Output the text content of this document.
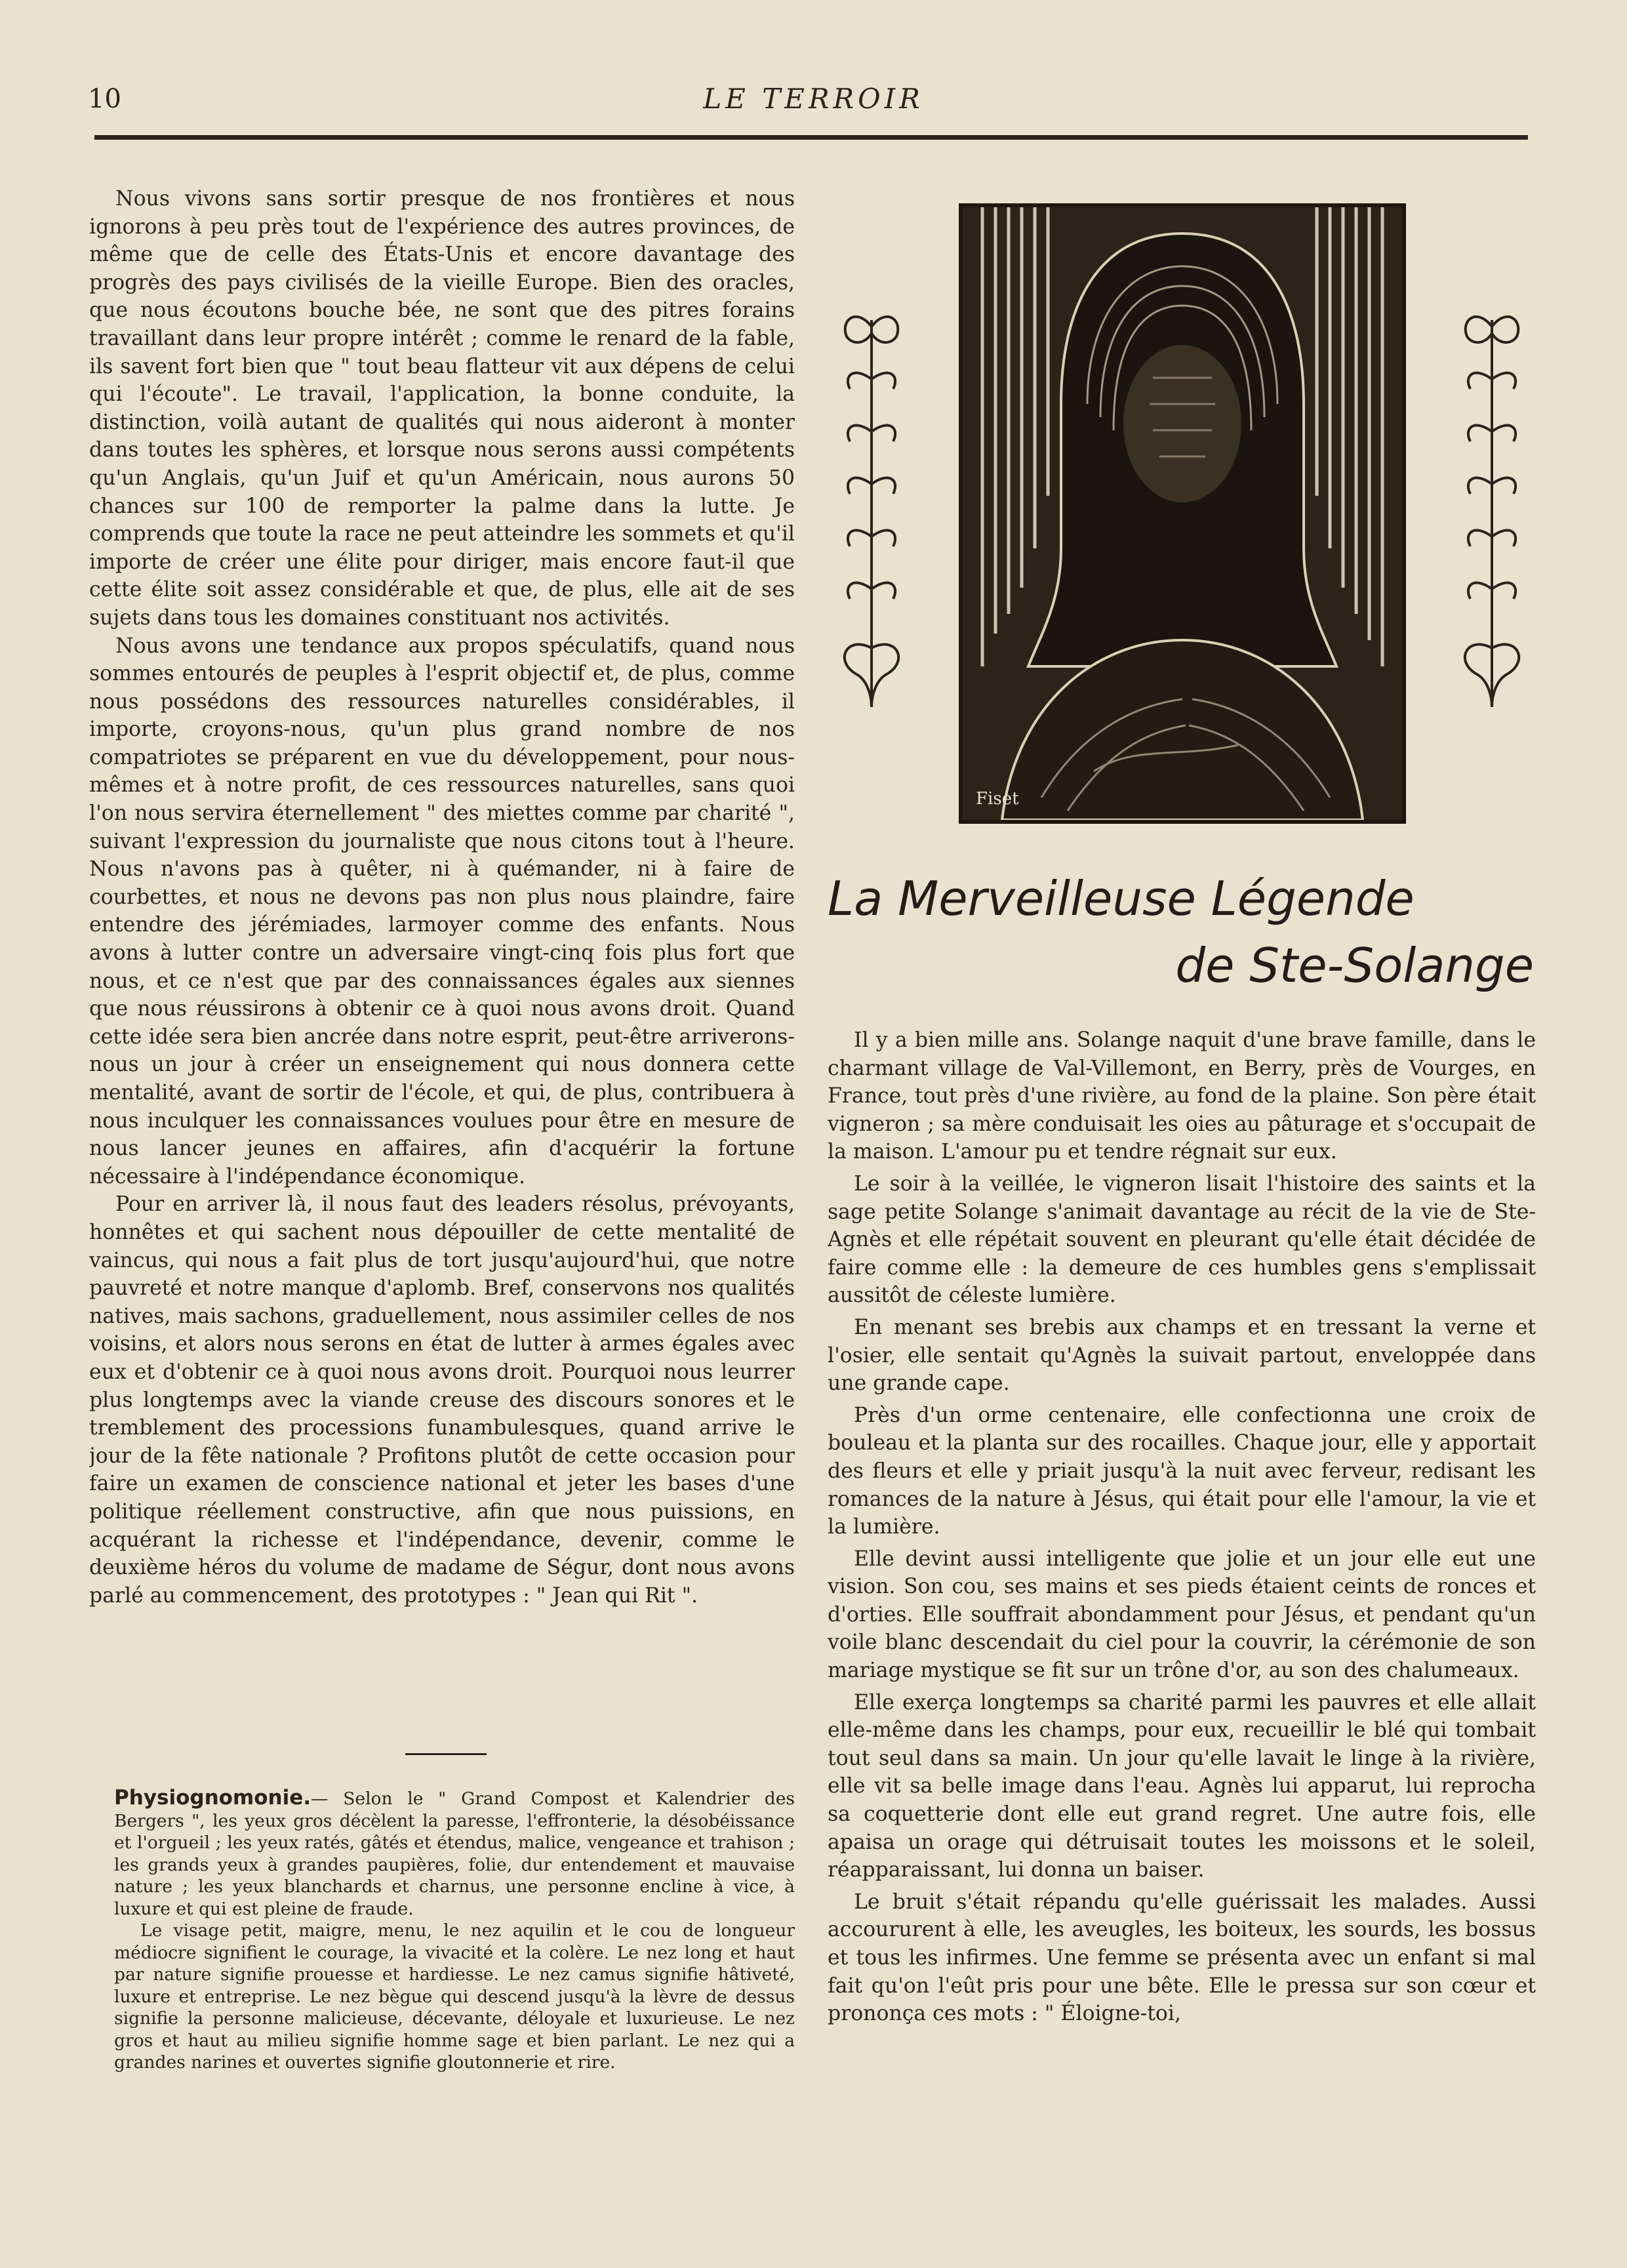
10	LE TERROIR

Nous vivons sans sortir presque de nos frontières et nous ignorons à peu près tout de l'expérience des autres provinces, de même que de celle des États-Unis et encore davantage des progrès des pays civilisés de la vieille Europe. Bien des oracles, que nous écoutons bouche bée, ne sont que des pitres forains travaillant dans leur propre intérêt ; comme le renard de la fable, ils savent fort bien que " tout beau flatteur vit aux dépens de celui qui l'écoute". Le travail, l'application, la bonne conduite, la distinction, voilà autant de qualités qui nous aideront à monter dans toutes les sphères, et lorsque nous serons aussi compétents qu'un Anglais, qu'un Juif et qu'un Américain, nous aurons 50 chances sur 100 de remporter la palme dans la lutte. Je comprends que toute la race ne peut atteindre les sommets et qu'il importe de créer une élite pour diriger, mais encore faut-il que cette élite soit assez considérable et que, de plus, elle ait de ses sujets dans tous les domaines constituant nos activités.

Nous avons une tendance aux propos spéculatifs, quand nous sommes entourés de peuples à l'esprit objectif et, de plus, comme nous possédons des ressources naturelles considérables, il importe, croyons-nous, qu'un plus grand nombre de nos compatriotes se préparent en vue du développement, pour nous-mêmes et à notre profit, de ces ressources naturelles, sans quoi l'on nous servira éternellement " des miettes comme par charité ", suivant l'expression du journaliste que nous citons tout à l'heure. Nous n'avons pas à quêter, ni à quémander, ni à faire de courbettes, et nous ne devons pas non plus nous plaindre, faire entendre des jérémiades, larmoyer comme des enfants. Nous avons à lutter contre un adversaire vingt-cinq fois plus fort que nous, et ce n'est que par des connaissances égales aux siennes que nous réussirons à obtenir ce à quoi nous avons droit. Quand cette idée sera bien ancrée dans notre esprit, peut-être arriverons-nous un jour à créer un enseignement qui nous donnera cette mentalité, avant de sortir de l'école, et qui, de plus, contribuera à nous inculquer les connaissances voulues pour être en mesure de nous lancer jeunes en affaires, afin d'acquérir la fortune nécessaire à l'indépendance économique.

Pour en arriver là, il nous faut des leaders résolus, prévoyants, honnêtes et qui sachent nous dépouiller de cette mentalité de vaincus, qui nous a fait plus de tort jusqu'aujourd'hui, que notre pauvreté et notre manque d'aplomb. Bref, conservons nos qualités natives, mais sachons, graduellement, nous assimiler celles de nos voisins, et alors nous serons en état de lutter à armes égales avec eux et d'obtenir ce à quoi nous avons droit. Pourquoi nous leurrer plus longtemps avec la viande creuse des discours sonores et le tremblement des processions funambulesques, quand arrive le jour de la fête nationale ? Profitons plutôt de cette occasion pour faire un examen de conscience national et jeter les bases d'une politique réellement constructive, afin que nous puissions, en acquérant la richesse et l'indépendance, devenir, comme le deuxième héros du volume de madame de Ségur, dont nous avons parlé au commencement, des prototypes : " Jean qui Rit ".

Physiognomonie.— Selon le " Grand Compost et Kalendrier des Bergers ", les yeux gros décèlent la paresse, l'effronterie, la désobéissance et l'orgueil ; les yeux ratés, gâtés et étendus, malice, vengeance et trahison ; les grands yeux à grandes paupières, folie, dur entendement et mauvaise nature ; les yeux blanchards et charnus, une personne encline à vice, à luxure et qui est pleine de fraude.

Le visage petit, maigre, menu, le nez aquilin et le cou de longueur médiocre signifient le courage, la vivacité et la colère. Le nez long et haut par nature signifie prouesse et hardiesse. Le nez camus signifie hâtiveté, luxure et entreprise. Le nez bègue qui descend jusqu'à la lèvre de dessus signifie la personne malicieuse, décevante, déloyale et luxurieuse. Le nez gros et haut au milieu signifie homme sage et bien parlant. Le nez qui a grandes narines et ouvertes signifie gloutonnerie et rire.

Fiset
La Merveilleuse Légende
de Ste-Solange

Il y a bien mille ans. Solange naquit d'une brave famille, dans le charmant village de Val-Villemont, en Berry, près de Vourges, en France, tout près d'une rivière, au fond de la plaine. Son père était vigneron ; sa mère conduisait les oies au pâturage et s'occupait de la maison. L'amour pu et tendre régnait sur eux.

Le soir à la veillée, le vigneron lisait l'histoire des saints et la sage petite Solange s'animait davantage au récit de la vie de Ste-Agnès et elle répétait souvent en pleurant qu'elle était décidée de faire comme elle : la demeure de ces humbles gens s'emplissait aussitôt de céleste lumière.

En menant ses brebis aux champs et en tressant la verne et l'osier, elle sentait qu'Agnès la suivait partout, enveloppée dans une grande cape.

Près d'un orme centenaire, elle confectionna une croix de bouleau et la planta sur des rocailles. Chaque jour, elle y apportait des fleurs et elle y priait jusqu'à la nuit avec ferveur, redisant les romances de la nature à Jésus, qui était pour elle l'amour, la vie et la lumière.

Elle devint aussi intelligente que jolie et un jour elle eut une vision. Son cou, ses mains et ses pieds étaient ceints de ronces et d'orties. Elle souffrait abondamment pour Jésus, et pendant qu'un voile blanc descendait du ciel pour la couvrir, la cérémonie de son mariage mystique se fit sur un trône d'or, au son des chalumeaux.

Elle exerça longtemps sa charité parmi les pauvres et elle allait elle-même dans les champs, pour eux, recueillir le blé qui tombait tout seul dans sa main. Un jour qu'elle lavait le linge à la rivière, elle vit sa belle image dans l'eau. Agnès lui apparut, lui reprocha sa coquetterie dont elle eut grand regret. Une autre fois, elle apaisa un orage qui détruisait toutes les moissons et le soleil, réapparaissant, lui donna un baiser.

Le bruit s'était répandu qu'elle guérissait les malades. Aussi accoururent à elle, les aveugles, les boiteux, les sourds, les bossus et tous les infirmes. Une femme se présenta avec un enfant si mal fait qu'on l'eût pris pour une bête. Elle le pressa sur son cœur et prononça ces mots : " Éloigne-toi,
